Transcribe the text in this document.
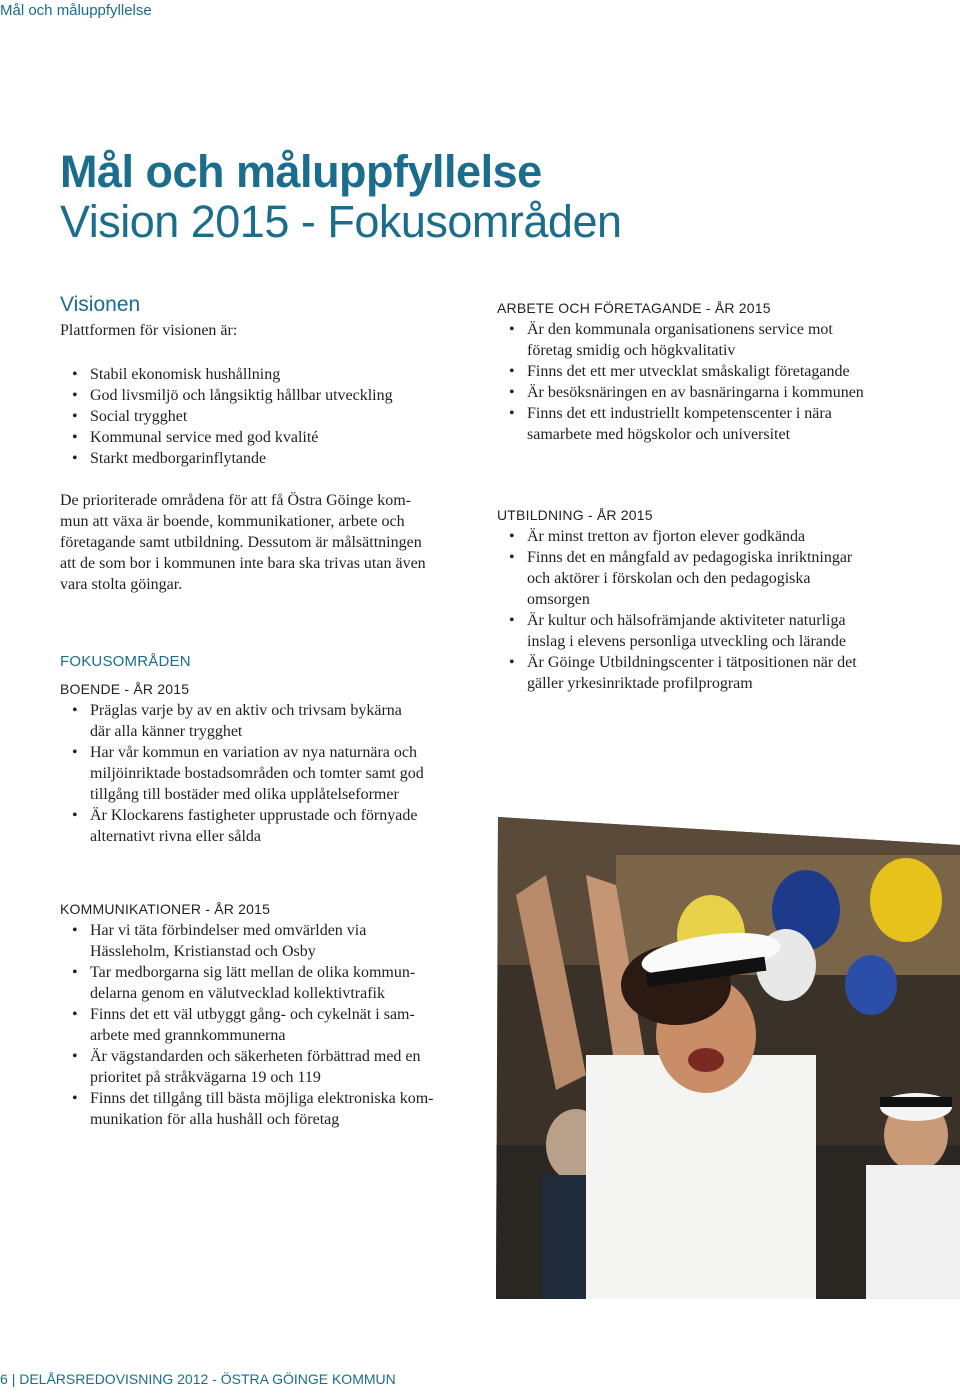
Mål och måluppfyllelse
Mål och måluppfyllelse
Vision 2015 - Fokusområden
Visionen
Plattformen för visionen är:
• Stabil ekonomisk hushållning
• God livsmiljö och långsiktig hållbar utveckling
• Social trygghet
• Kommunal service med god kvalité
• Starkt medborgarinflytande
De prioriterade områdena för att få Östra Göinge kom-
mun att växa är boende, kommunikationer, arbete och
företagande samt utbildning. Dessutom är målsättningen
att de som bor i kommunen inte bara ska trivas utan även
vara stolta göingar.
FOKUSOMRÅDEN
BOENDE - ÅR 2015
• Präglas varje by av en aktiv och trivsam bykärna
där alla känner trygghet
• Har vår kommun en variation av nya naturnära och
miljöinriktade bostadsområden och tomter samt god
tillgång till bostäder med olika upplåtelseformer
• Är Klockarens fastigheter upprustade och förnyade
alternativt rivna eller sålda
KOMMUNIKATIONER - ÅR 2015
• Har vi täta förbindelser med omvärlden via
Hässleholm, Kristianstad och Osby
• Tar medborgarna sig lätt mellan de olika kommun-
delarna genom en välutvecklad kollektivtrafik
• Finns det ett väl utbyggt gång- och cykelnät i sam-
arbete med grannkommunerna
• Är vägstandarden och säkerheten förbättrad med en
prioritet på stråkvägarna 19 och 119
• Finns det tillgång till bästa möjliga elektroniska kom-
munikation för alla hushåll och företag
ARBETE OCH FÖRETAGANDE - ÅR 2015
• Är den kommunala organisationens service mot
företag smidig och högkvalitativ
• Finns det ett mer utvecklat småskaligt företagande
• Är besöksnäringen en av basnäringarna i kommunen
• Finns det ett industriellt kompetenscenter i nära
samarbete med högskolor och universitet
UTBILDNING - ÅR 2015
• Är minst tretton av fjorton elever godkända
• Finns det en mångfald av pedagogiska inriktningar
och aktörer i förskolan och den pedagogiska
omsorgen
• Är kultur och hälsofrämjande aktiviteter naturliga
inslag i elevens personliga utveckling och lärande
• Är Göinge Utbildningscenter i tätpositionen när det
gäller yrkesinriktade profilprogram
6 | DELÅRSREDOVISNING 2012 - ÖSTRA GÖINGE KOMMUN
